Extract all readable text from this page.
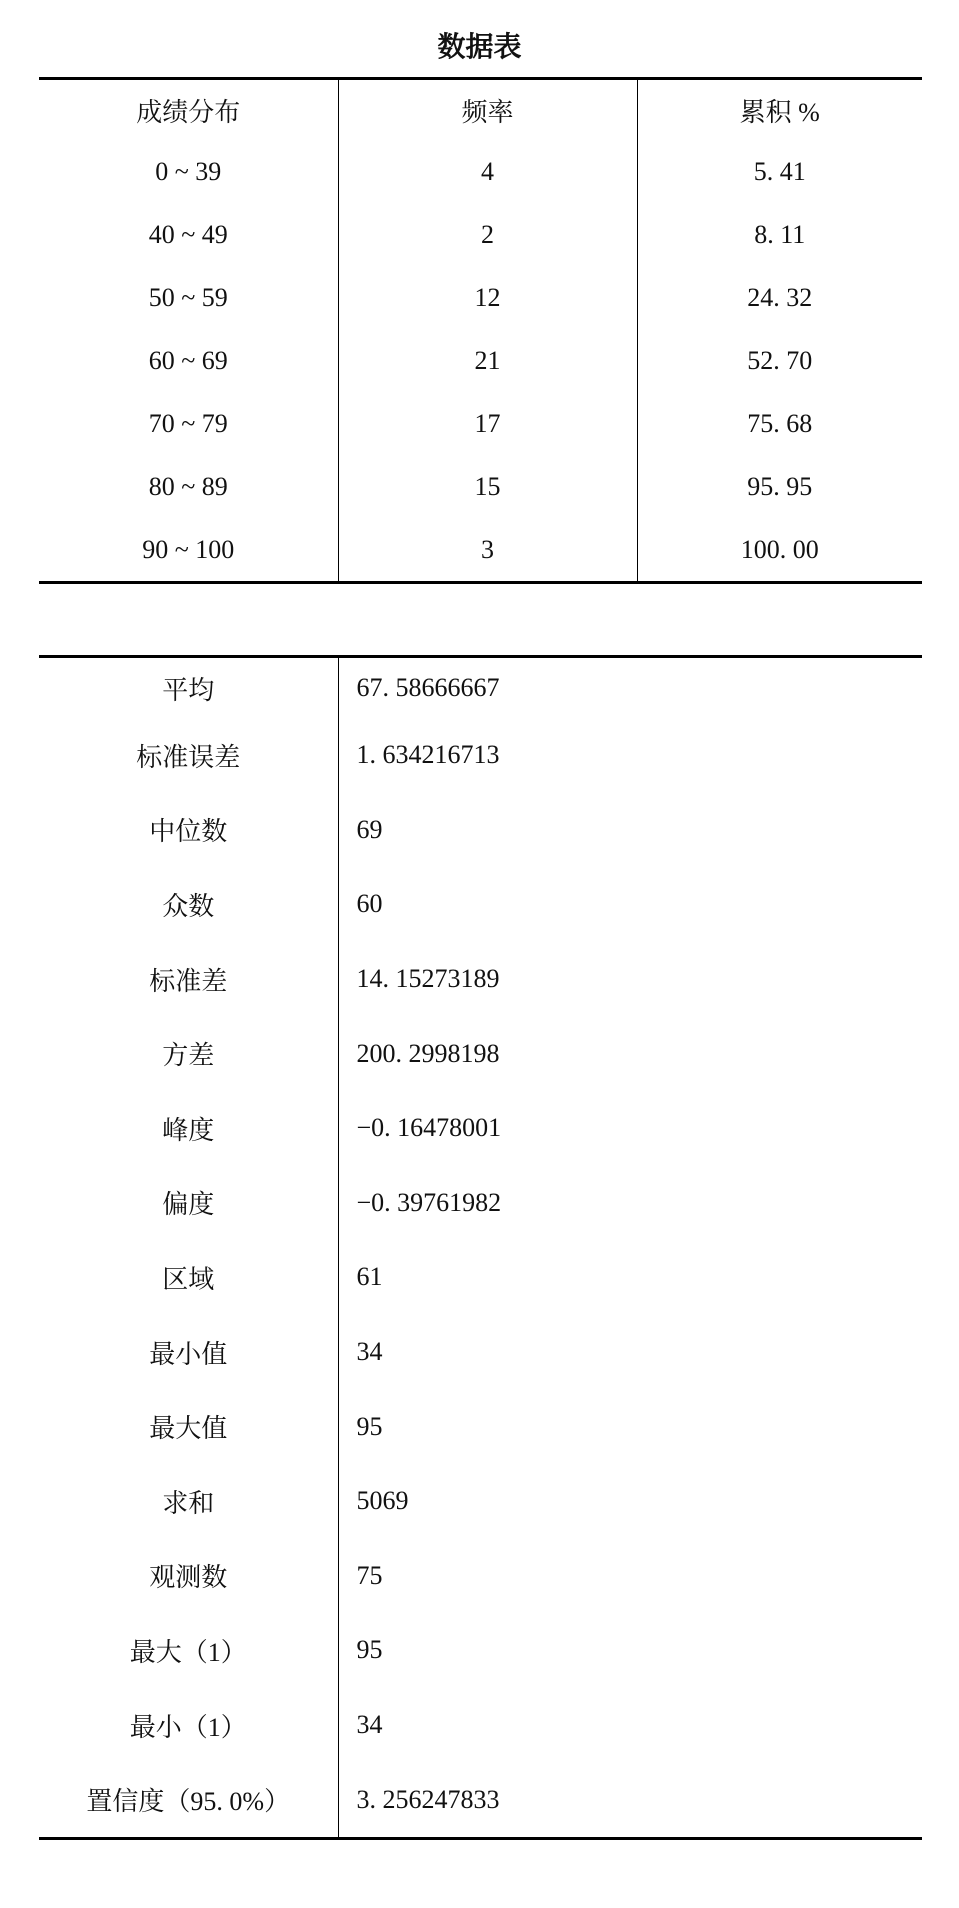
数据表
成绩分布	频率	累积 %
0 ~ 39	4	5. 41
40 ~ 49	2	8. 11
50 ~ 59	12	24. 32
60 ~ 69	21	52. 70
70 ~ 79	17	75. 68
80 ~ 89	15	95. 95
90 ~ 100	3	100. 00
平均	67. 58666667
标准误差	1. 634216713
中位数	69
众数	60
标准差	14. 15273189
方差	200. 2998198
峰度	−0. 16478001
偏度	−0. 39761982
区域	61
最小值	34
最大值	95
求和	5069
观测数	75
最大（1）	95
最小（1）	34
置信度（95. 0%）	3. 256247833
